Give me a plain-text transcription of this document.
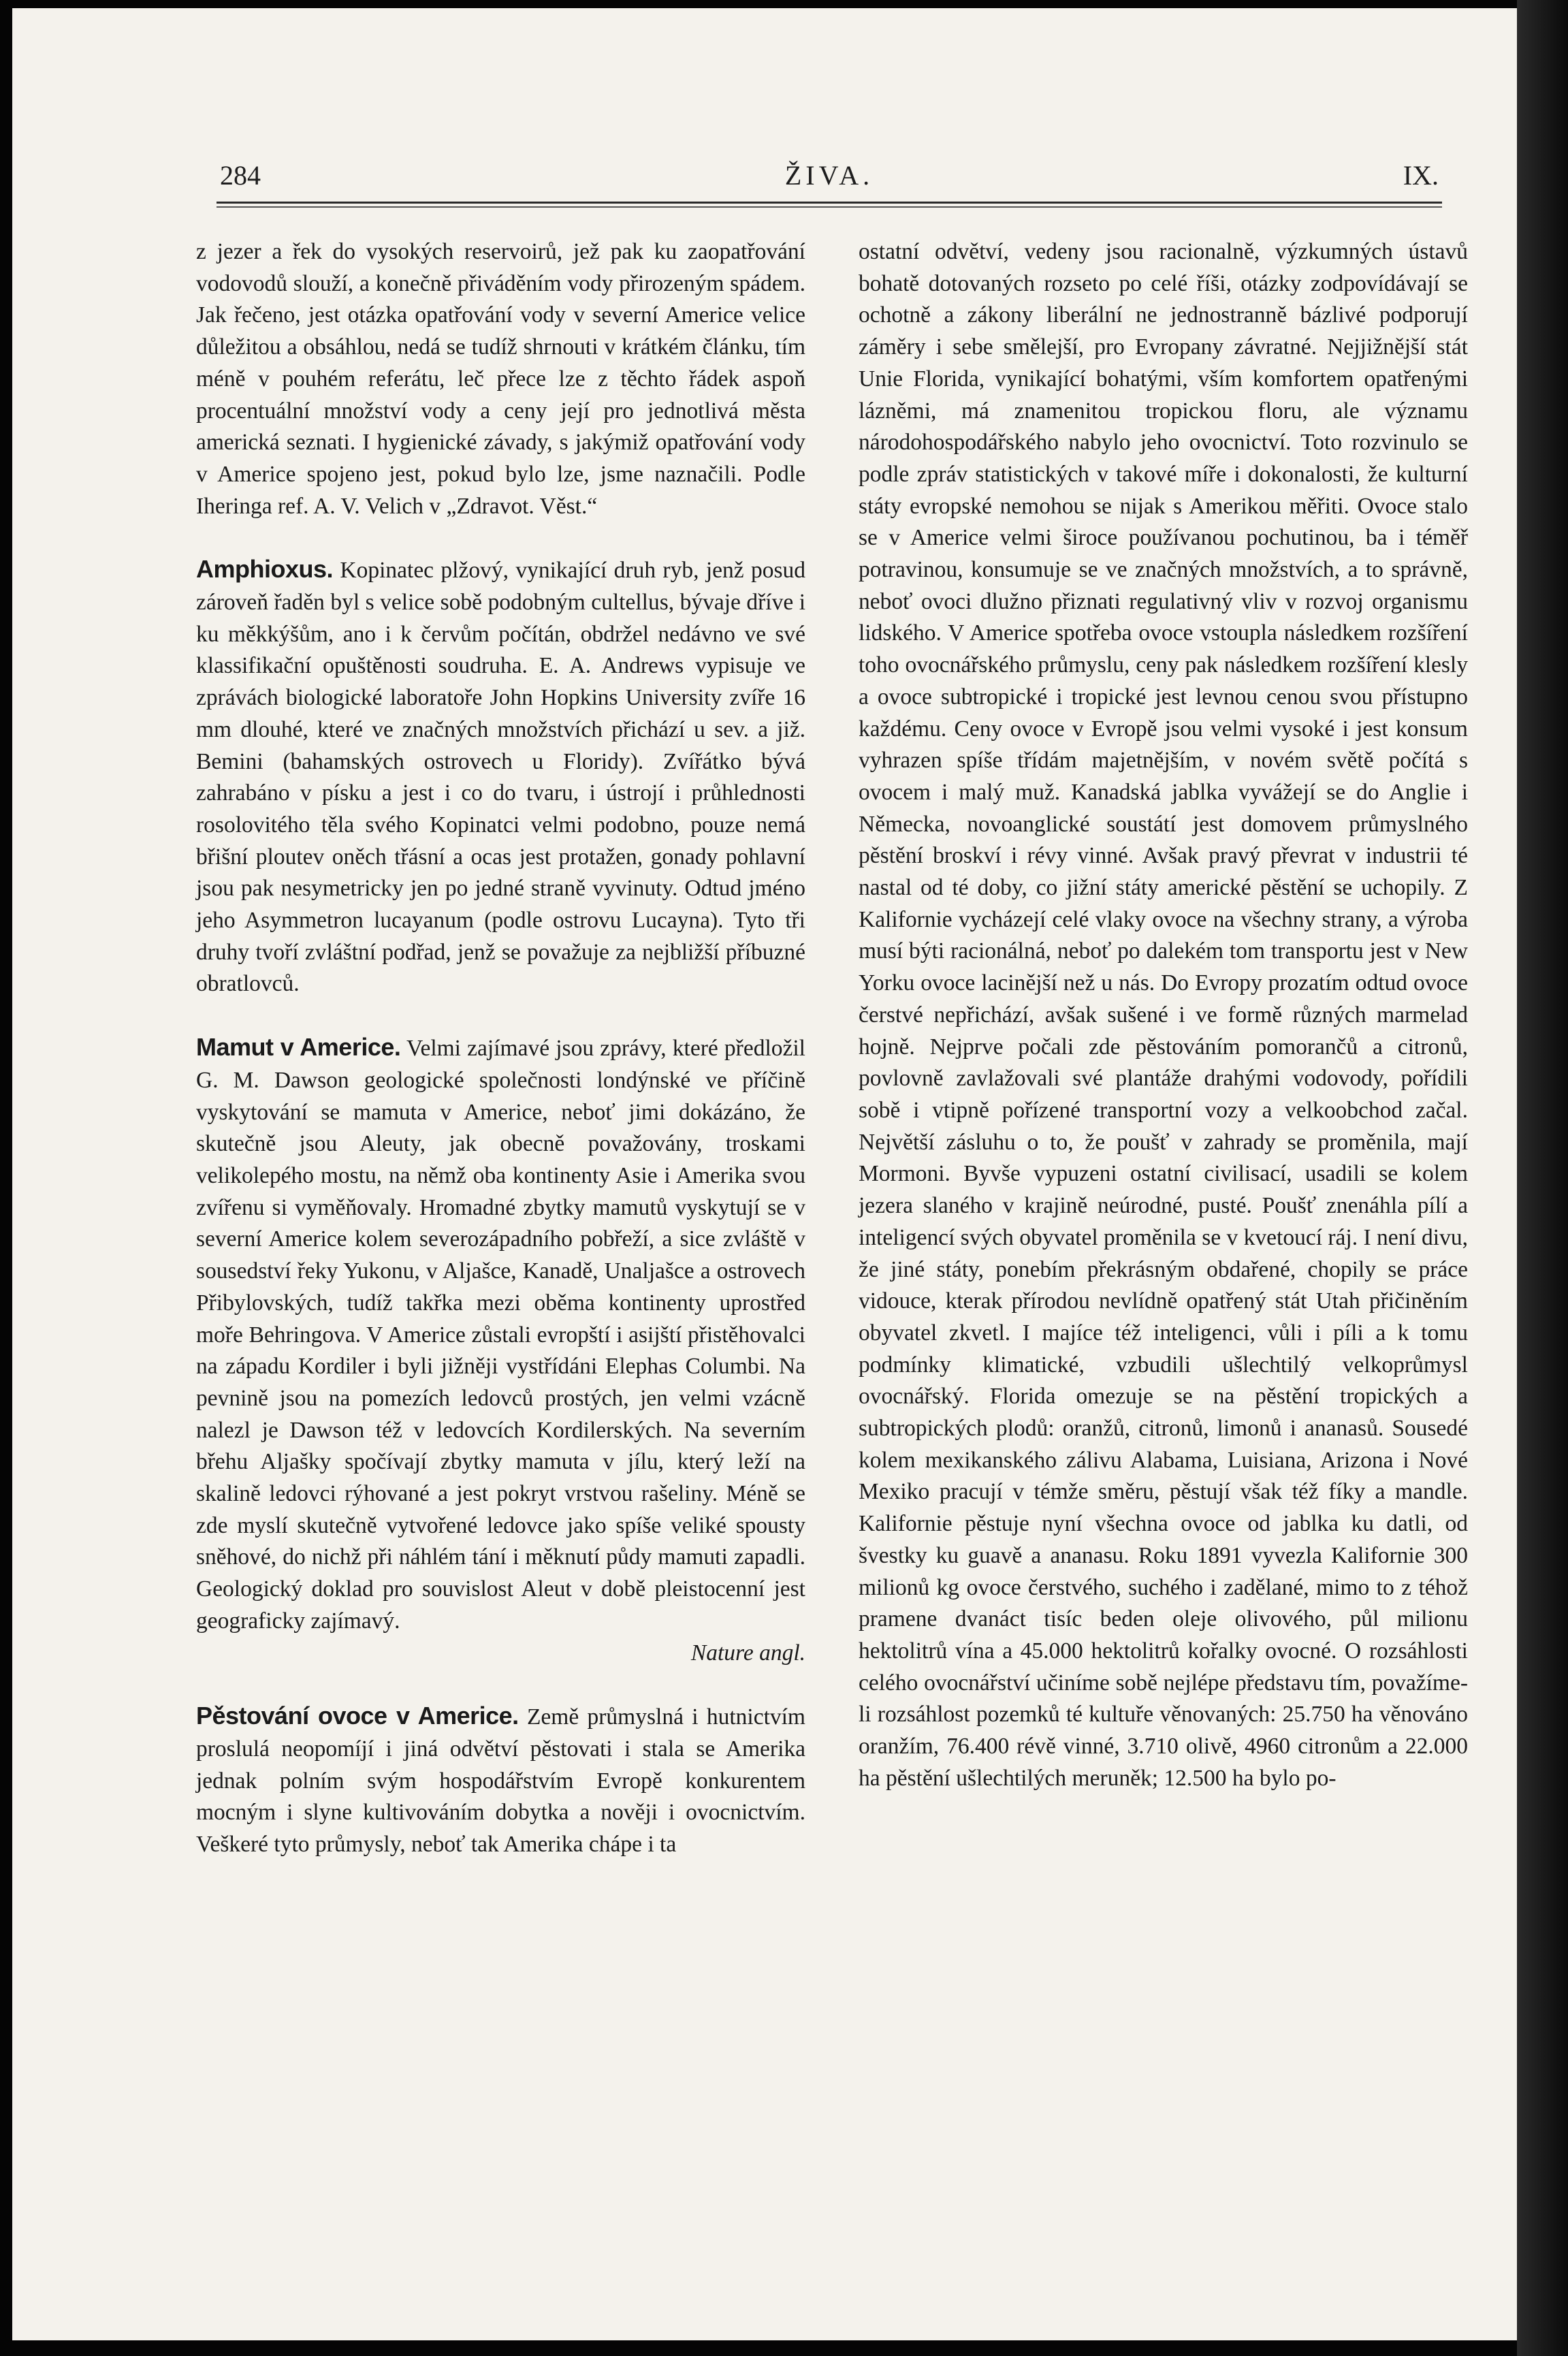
284	ŽIVA.	IX.

z jezer a řek do vysokých reservoirů, jež pak ku zaopatřování vodovodů slouží, a konečně přiváděním vody přirozeným spádem. Jak řečeno, jest otázka opatřování vody v severní Americe velice důležitou a obsáhlou, nedá se tudíž shrnouti v krátkém článku, tím méně v pouhém referátu, leč přece lze z těchto řádek aspoň procentuální množství vody a ceny její pro jednotlivá města americká seznati. I hygienické závady, s jakýmiž opatřování vody v Americe spojeno jest, pokud bylo lze, jsme naznačili. Podle Iheringa ref. A. V. Velich v „Zdravot. Věst.“

Amphioxus. Kopinatec plžový, vynikající druh ryb, jenž posud zároveň řaděn byl s velice sobě podobným cultellus, bývaje dříve i ku měkkýšům, ano i k červům počítán, obdržel nedávno ve své klassifikační opuštěnosti soudruha. E. A. Andrews vypisuje ve zprávách biologické laboratoře John Hopkins University zvíře 16 mm dlouhé, které ve značných množstvích přichází u sev. a již. Bemini (bahamských ostrovech u Floridy). Zvířátko bývá zahrabáno v písku a jest i co do tvaru, i ústrojí i průhlednosti rosolovitého těla svého Kopinatci velmi podobno, pouze nemá břišní ploutev oněch třásní a ocas jest protažen, gonady pohlavní jsou pak nesymetricky jen po jedné straně vyvinuty. Odtud jméno jeho Asymmetron lucayanum (podle ostrovu Lucayna). Tyto tři druhy tvoří zvláštní podřad, jenž se považuje za nejbližší příbuzné obratlovců.

Mamut v Americe. Velmi zajímavé jsou zprávy, které předložil G. M. Dawson geologické společnosti londýnské ve příčině vyskytování se mamuta v Americe, neboť jimi dokázáno, že skutečně jsou Aleuty, jak obecně považovány, troskami velikolepého mostu, na němž oba kontinenty Asie i Amerika svou zvířenu si vyměňovaly. Hromadné zbytky mamutů vyskytují se v severní Americe kolem severozápadního pobřeží, a sice zvláště v sousedství řeky Yukonu, v Aljašce, Kanadě, Unaljašce a ostrovech Přibylovských, tudíž takřka mezi oběma kontinenty uprostřed moře Behringova. V Americe zůstali evropští i asijští přistěhovalci na západu Kordiler i byli jižněji vystřídáni Elephas Columbi. Na pevnině jsou na pomezích ledovců prostých, jen velmi vzácně nalezl je Dawson též v ledovcích Kordilerských. Na severním břehu Aljašky spočívají zbytky mamuta v jílu, který leží na skalině ledovci rýhované a jest pokryt vrstvou rašeliny. Méně se zde myslí skutečně vytvořené ledovce jako spíše veliké spousty sněhové, do nichž při náhlém tání i měknutí půdy mamuti zapadli. Geologický doklad pro souvislost Aleut v době pleistocenní jest geograficky zajímavý.
Nature angl.

Pěstování ovoce v Americe. Země průmyslná i hutnictvím proslulá neopomíjí i jiná odvětví pěstovati i stala se Amerika jednak polním svým hospodářstvím Evropě konkurentem mocným i slyne kultivováním dobytka a nověji i ovocnictvím. Veškeré tyto průmysly, neboť tak Amerika chápe i ta

ostatní odvětví, vedeny jsou racionalně, výzkumných ústavů bohatě dotovaných rozseto po celé říši, otázky zodpovídávají se ochotně a zákony liberální ne jednostranně bázlivé podporují záměry i sebe smělejší, pro Evropany závratné. Nejjižnější stát Unie Florida, vynikající bohatými, vším komfortem opatřenými lázněmi, má znamenitou tropickou floru, ale významu národohospodářského nabylo jeho ovocnictví. Toto rozvinulo se podle zpráv statistických v takové míře i dokonalosti, že kulturní státy evropské nemohou se nijak s Amerikou měřiti. Ovoce stalo se v Americe velmi široce používanou pochutinou, ba i téměř potravinou, konsumuje se ve značných množstvích, a to správně, neboť ovoci dlužno přiznati regulativný vliv v rozvoj organismu lidského. V Americe spotřeba ovoce vstoupla následkem rozšíření toho ovocnářského průmyslu, ceny pak následkem rozšíření klesly a ovoce subtropické i tropické jest levnou cenou svou přístupno každému. Ceny ovoce v Evropě jsou velmi vysoké i jest konsum vyhrazen spíše třídám majetnějším, v novém světě počítá s ovocem i malý muž. Kanadská jablka vyvážejí se do Anglie i Německa, novoanglické soustátí jest domovem průmyslného pěstění broskví i révy vinné. Avšak pravý převrat v industrii té nastal od té doby, co jižní státy americké pěstění se uchopily. Z Kalifornie vycházejí celé vlaky ovoce na všechny strany, a výroba musí býti racionálná, neboť po dalekém tom transportu jest v New Yorku ovoce lacinější než u nás. Do Evropy prozatím odtud ovoce čerstvé nepřichází, avšak sušené i ve formě různých marmelad hojně. Nejprve počali zde pěstováním pomorančů a citronů, povlovně zavlažovali své plantáže drahými vodovody, pořídili sobě i vtipně pořízené transportní vozy a velkoobchod začal. Největší zásluhu o to, že poušť v zahrady se proměnila, mají Mormoni. Byvše vypuzeni ostatní civilisací, usadili se kolem jezera slaného v krajině neúrodné, pusté. Poušť znenáhla pílí a inteligencí svých obyvatel proměnila se v kvetoucí ráj. I není divu, že jiné státy, ponebím překrásným obdařené, chopily se práce vidouce, kterak přírodou nevlídně opatřený stát Utah přičiněním obyvatel zkvetl. I majíce též inteligenci, vůli i píli a k tomu podmínky klimatické, vzbudili ušlechtilý velkoprůmysl ovocnářský. Florida omezuje se na pěstění tropických a subtropických plodů: oranžů, citronů, limonů i ananasů. Sousedé kolem mexikanského zálivu Alabama, Luisiana, Arizona i Nové Mexiko pracují v témže směru, pěstují však též fíky a mandle. Kalifornie pěstuje nyní všechna ovoce od jablka ku datli, od švestky ku guavě a ananasu. Roku 1891 vyvezla Kalifornie 300 milionů kg ovoce čerstvého, suchého i zadělané, mimo to z téhož pramene dvanáct tisíc beden oleje olivového, půl milionu hektolitrů vína a 45.000 hektolitrů kořalky ovocné. O rozsáhlosti celého ovocnářství učiníme sobě nejlépe představu tím, považíme-li rozsáhlost pozemků té kultuře věnovaných: 25.750 ha věnováno oranžím, 76.400 révě vinné, 3.710 olivě, 4960 citronům a 22.000 ha pěstění ušlechtilých meruněk; 12.500 ha bylo po-
